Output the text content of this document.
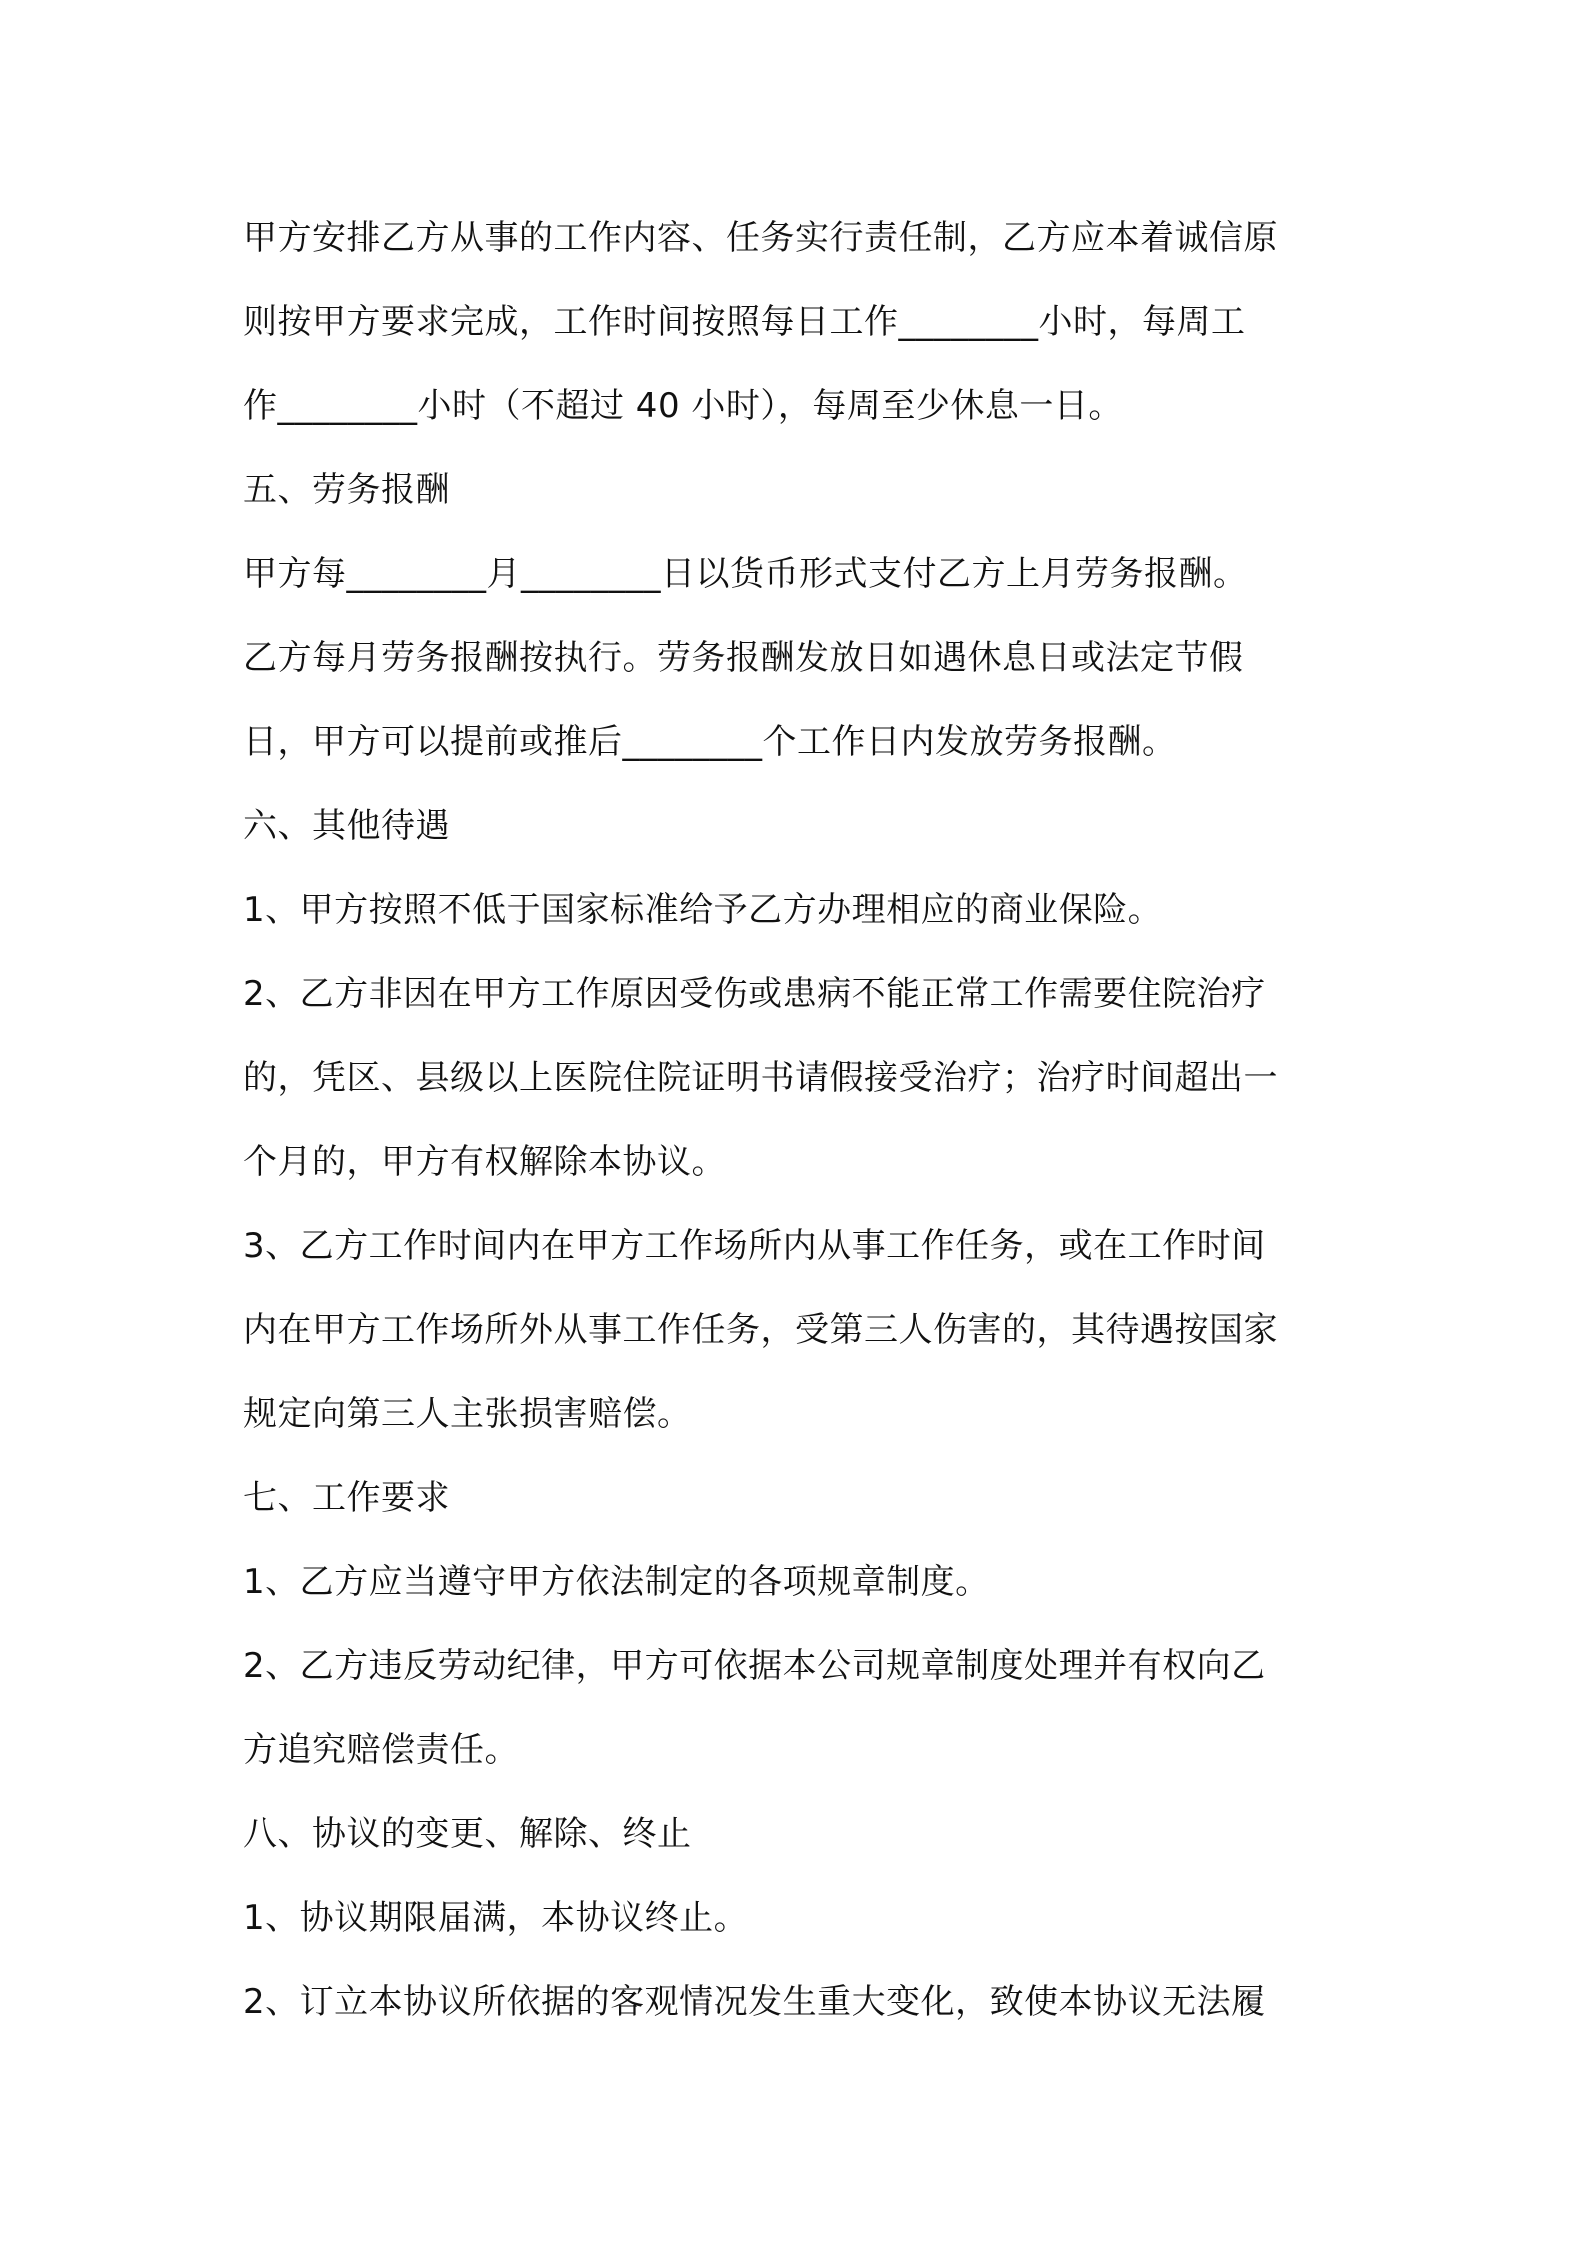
甲方安排乙方从事的工作内容、任务实行责任制，乙方应本着诚信原
则按甲方要求完成，工作时间按照每日工作________小时，每周工
作________小时（不超过 40 小时），每周至少休息一日。
五、劳务报酬
甲方每________月________日以货币形式支付乙方上月劳务报酬。
乙方每月劳务报酬按执行。劳务报酬发放日如遇休息日或法定节假
日，甲方可以提前或推后________个工作日内发放劳务报酬。
六、其他待遇
1、甲方按照不低于国家标准给予乙方办理相应的商业保险。
2、乙方非因在甲方工作原因受伤或患病不能正常工作需要住院治疗
的，凭区、县级以上医院住院证明书请假接受治疗；治疗时间超出一
个月的，甲方有权解除本协议。
3、乙方工作时间内在甲方工作场所内从事工作任务，或在工作时间
内在甲方工作场所外从事工作任务，受第三人伤害的，其待遇按国家
规定向第三人主张损害赔偿。
七、工作要求
1、乙方应当遵守甲方依法制定的各项规章制度。
2、乙方违反劳动纪律，甲方可依据本公司规章制度处理并有权向乙
方追究赔偿责任。
八、协议的变更、解除、终止
1、协议期限届满，本协议终止。
2、订立本协议所依据的客观情况发生重大变化，致使本协议无法履
